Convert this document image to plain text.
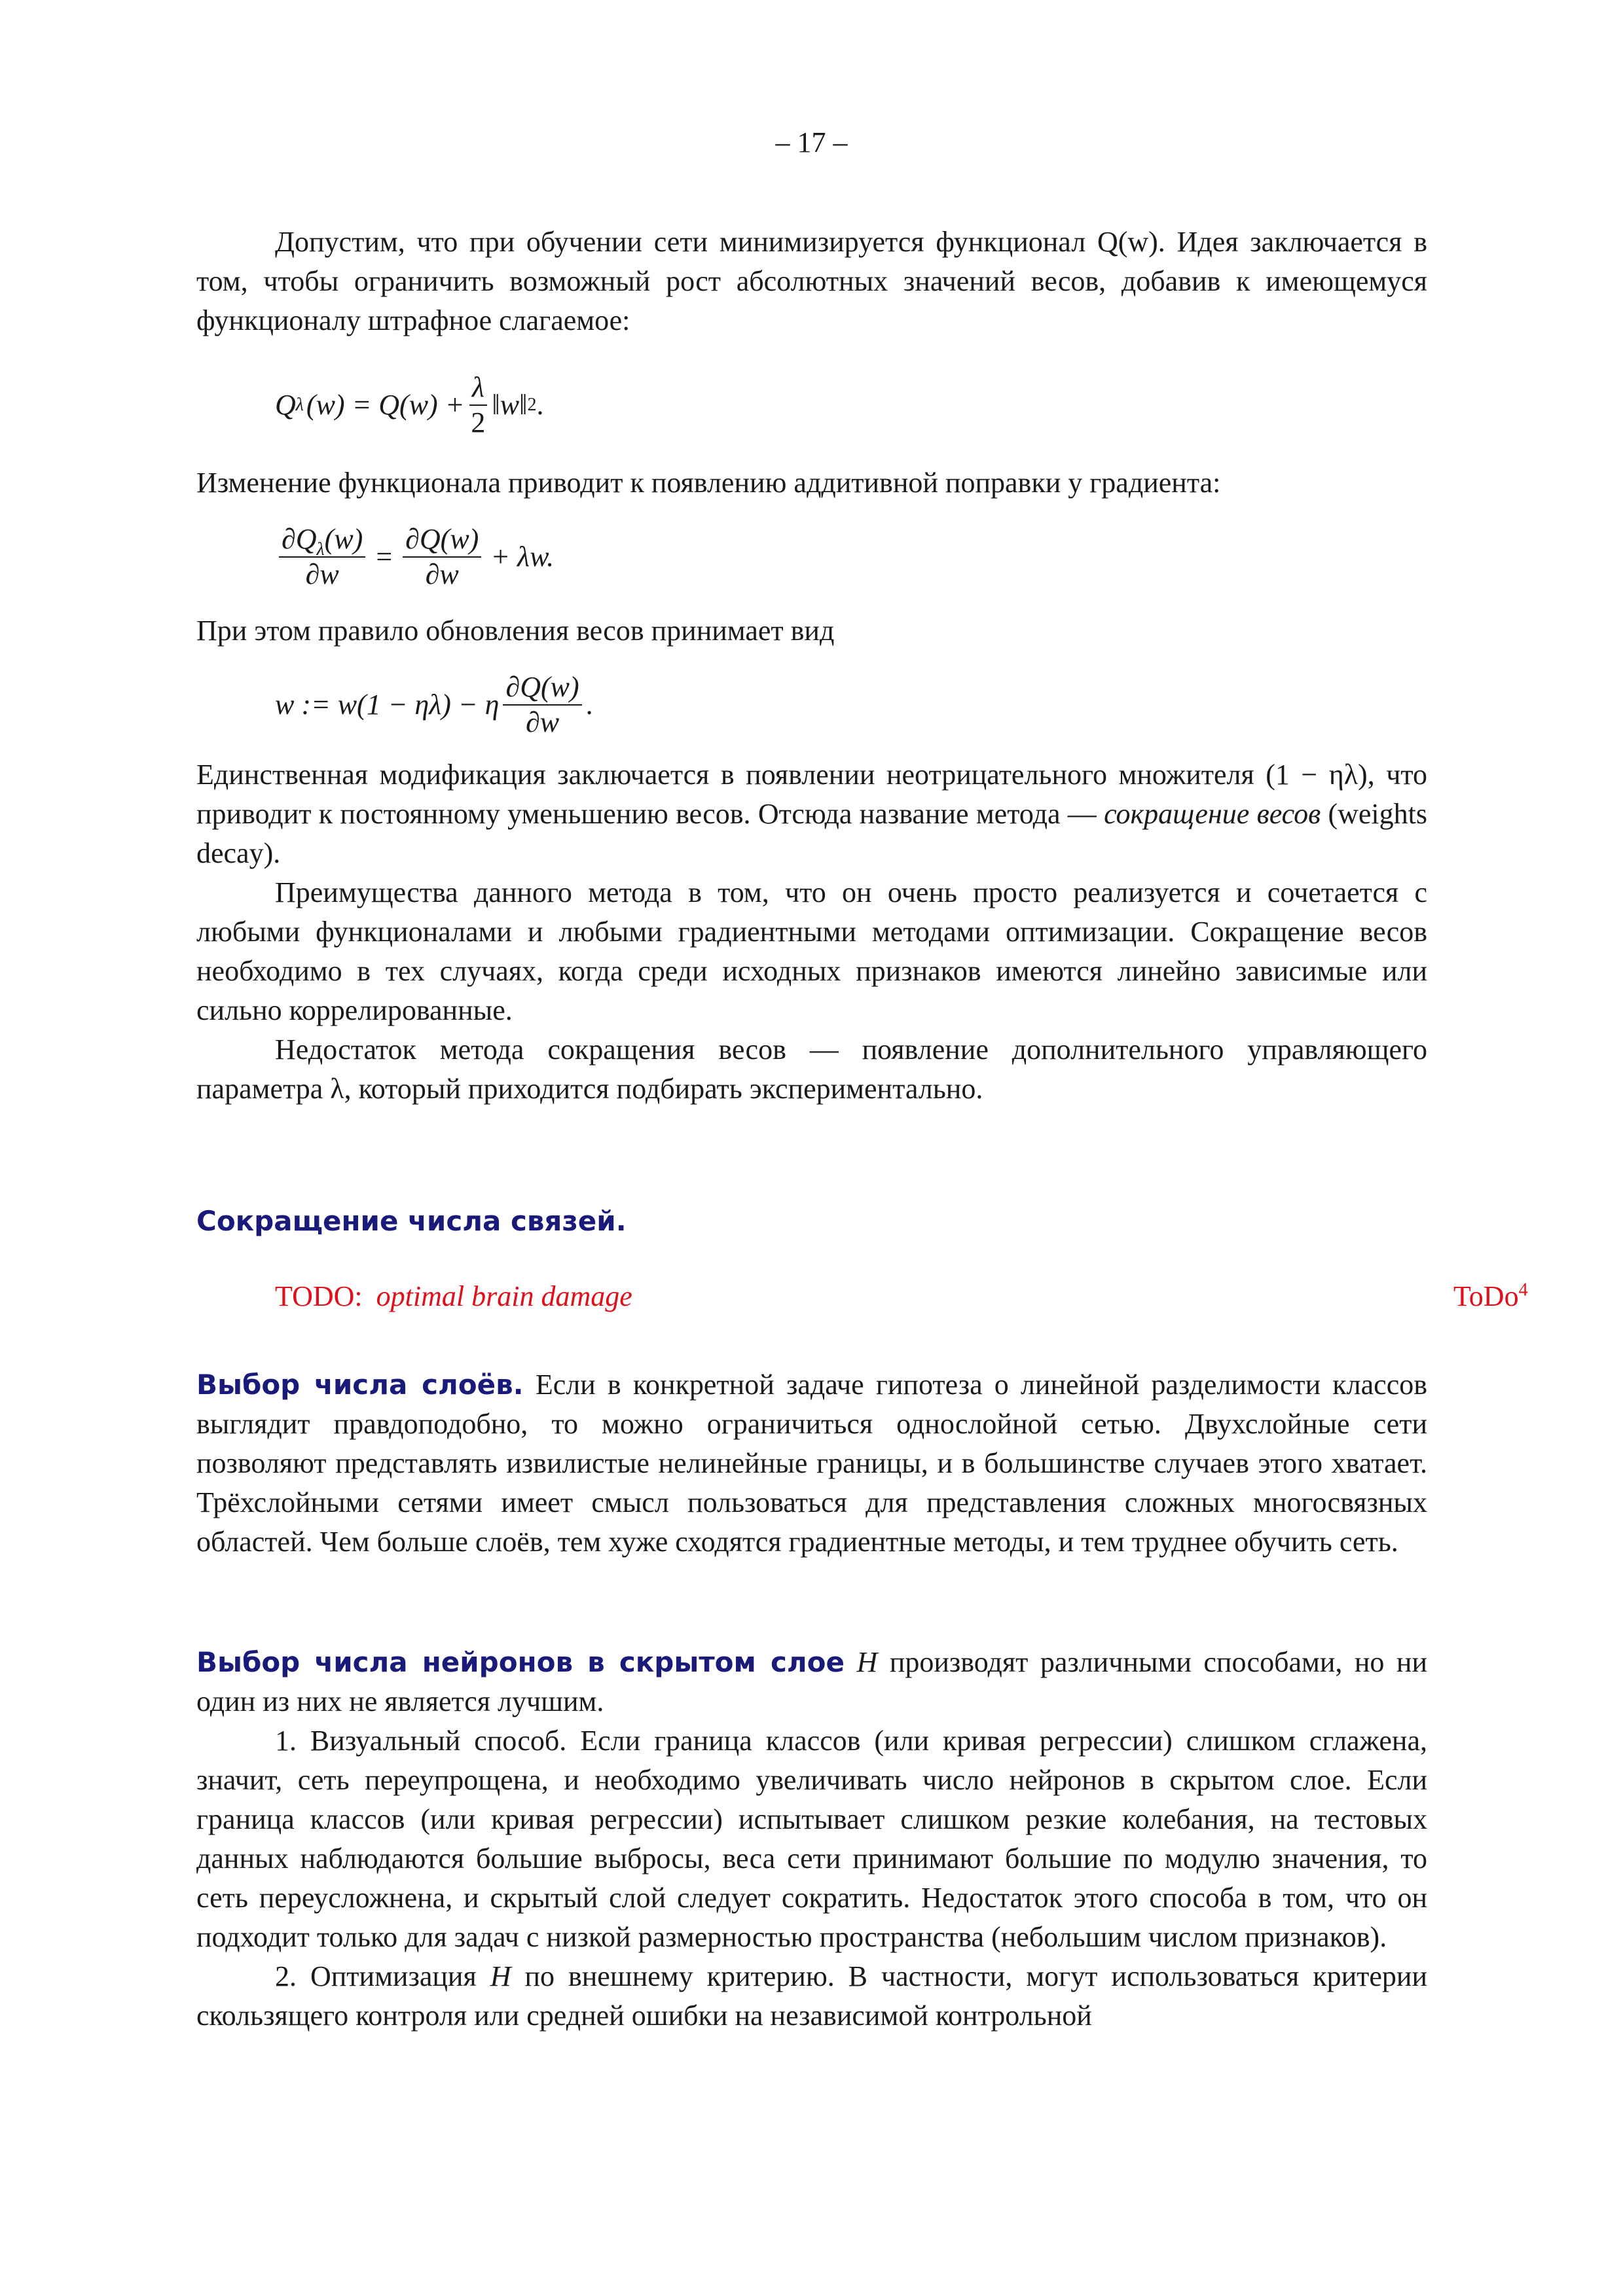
– 17 –

Допустим, что при обучении сети минимизируется функционал Q(w). Идея заключается в том, чтобы ограничить возможный рост абсолютных значений весов, добавив к имеющемуся функционалу штрафное слагаемое:

Q λ $(w) = Q(w) + \frac{\lambda}{2}$ ‖w‖ 2 .

Изменение функционала приводит к появлению аддитивной поправки у градиента:

$\frac{\partial Q_\lambda(w)}{\partial w} = \frac{\partial Q(w)}{\partial w} + \lambda w$.

При этом правило обновления весов принимает вид

w := w(1 − ηλ) − η $\frac{\partial Q(w)}{\partial w}$ .

Единственная модификация заключается в появлении неотрицательного множителя (1 − ηλ), что приводит к постоянному уменьшению весов. Отсюда название метода — сокращение весов (weights decay).

Преимущества данного метода в том, что он очень просто реализуется и сочетается с любыми функционалами и любыми градиентными методами оптимизации. Сокращение весов необходимо в тех случаях, когда среди исходных признаков имеются линейно зависимые или сильно коррелированные.

Недостаток метода сокращения весов — появление дополнительного управляющего параметра λ, который приходится подбирать экспериментально.

Сокращение числа связей.
TODO: optimal brain damage	ToDo$^4$

Выбор числа слоёв. Если в конкретной задаче гипотеза о линейной разделимости классов выглядит правдоподобно, то можно ограничиться однослойной сетью. Двухслойные сети позволяют представлять извилистые нелинейные границы, и в большинстве случаев этого хватает. Трёхслойными сетями имеет смысл пользоваться для представления сложных многосвязных областей. Чем больше слоёв, тем хуже сходятся градиентные методы, и тем труднее обучить сеть.

Выбор числа нейронов в скрытом слое H производят различными способами, но ни один из них не является лучшим.

1. Визуальный способ. Если граница классов (или кривая регрессии) слишком сглажена, значит, сеть переупрощена, и необходимо увеличивать число нейронов в скрытом слое. Если граница классов (или кривая регрессии) испытывает слишком резкие колебания, на тестовых данных наблюдаются большие выбросы, веса сети принимают большие по модулю значения, то сеть переусложнена, и скрытый слой следует сократить. Недостаток этого способа в том, что он подходит только для задач с низкой размерностью пространства (небольшим числом признаков).

2. Оптимизация H по внешнему критерию. В частности, могут использоваться критерии скользящего контроля или средней ошибки на независимой контрольной
